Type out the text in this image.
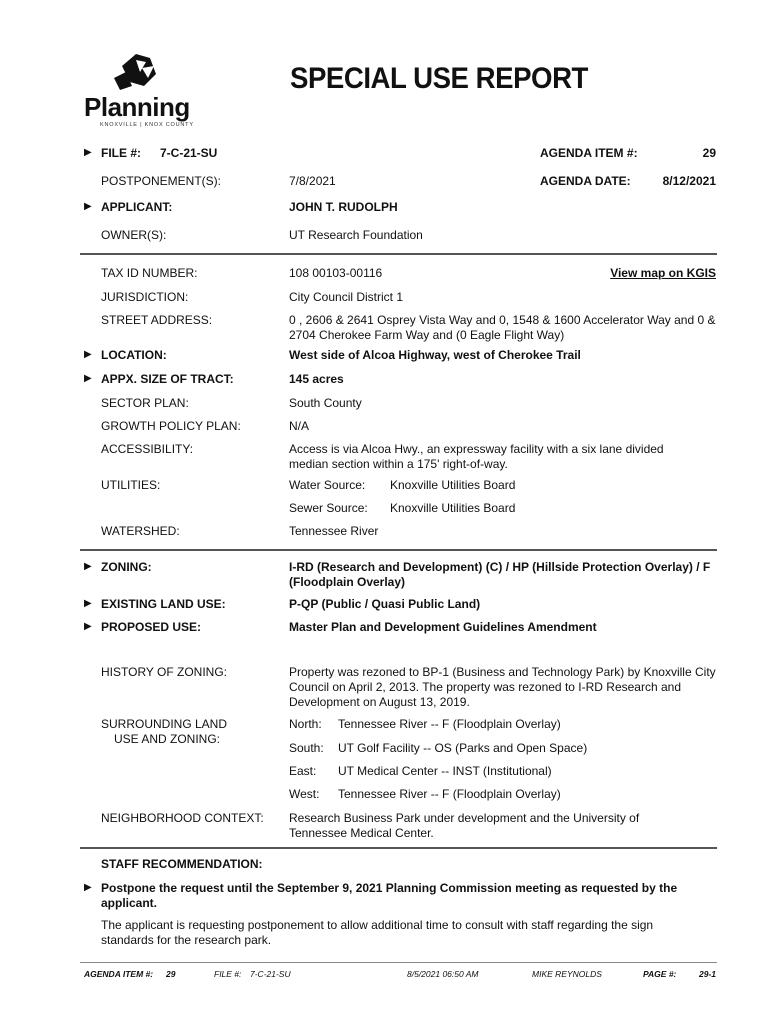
Planning
KNOXVILLE | KNOX COUNTY
SPECIAL USE REPORT
▶ FILE #: 7-C-21-SU	AGENDA ITEM #:	29
POSTPONEMENT(S):	7/8/2021	AGENDA DATE:	8/12/2021
▶ APPLICANT:	JOHN T. RUDOLPH
OWNER(S):	UT Research Foundation
TAX ID NUMBER:	108 00103-00116	View map on KGIS
JURISDICTION:	City Council District 1
STREET ADDRESS:	0 , 2606 & 2641 Osprey Vista Way and 0, 1548 & 1600 Accelerator Way and 0 & 2704 Cherokee Farm Way and (0 Eagle Flight Way)
▶ LOCATION:	West side of Alcoa Highway, west of Cherokee Trail
▶ APPX. SIZE OF TRACT:	145 acres
SECTOR PLAN:	South County
GROWTH POLICY PLAN:	N/A
ACCESSIBILITY:	Access is via Alcoa Hwy., an expressway facility with a six lane divided median section within a 175' right-of-way.
UTILITIES:	Water Source: Knoxville Utilities Board
Sewer Source: Knoxville Utilities Board
WATERSHED:	Tennessee River
▶ ZONING:	I-RD (Research and Development) (C) / HP (Hillside Protection Overlay) / F (Floodplain Overlay)
▶ EXISTING LAND USE:	P-QP (Public / Quasi Public Land)
▶ PROPOSED USE:	Master Plan and Development Guidelines Amendment
HISTORY OF ZONING:	Property was rezoned to BP-1 (Business and Technology Park) by Knoxville City Council on April 2, 2013. The property was rezoned to I-RD Research and Development on August 13, 2019.
SURROUNDING LAND
USE AND ZONING:
North: Tennessee River -- F (Floodplain Overlay)
South: UT Golf Facility -- OS (Parks and Open Space)
East: UT Medical Center -- INST (Institutional)
West: Tennessee River -- F (Floodplain Overlay)
NEIGHBORHOOD CONTEXT: Research Business Park under development and the University of Tennessee Medical Center.
STAFF RECOMMENDATION:
▶ Postpone the request until the September 9, 2021 Planning Commission meeting as requested by the applicant.
The applicant is requesting postponement to allow additional time to consult with staff regarding the sign standards for the research park.
AGENDA ITEM #: 29	FILE #: 7-C-21-SU	8/5/2021 06:50 AM	MIKE REYNOLDS	PAGE #:	29-1
